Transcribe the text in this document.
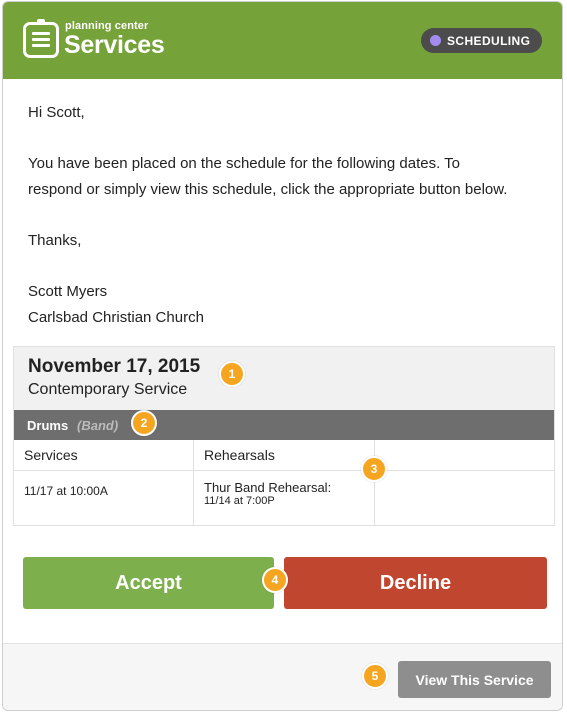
planning center
Services	SCHEDULING
Hi Scott,
You have been placed on the schedule for the following dates. To
respond or simply view this schedule, click the appropriate button below.
Thanks,
Scott Myers
Carlsbad Christian Church
November 17, 2015
Contemporary Service
Drums (Band)
Services
11/17 at 10:00A
Rehearsals
Thur Band Rehearsal:
11/14 at 7:00P
Accept	Decline
View This Service
1
2
3
4
5
